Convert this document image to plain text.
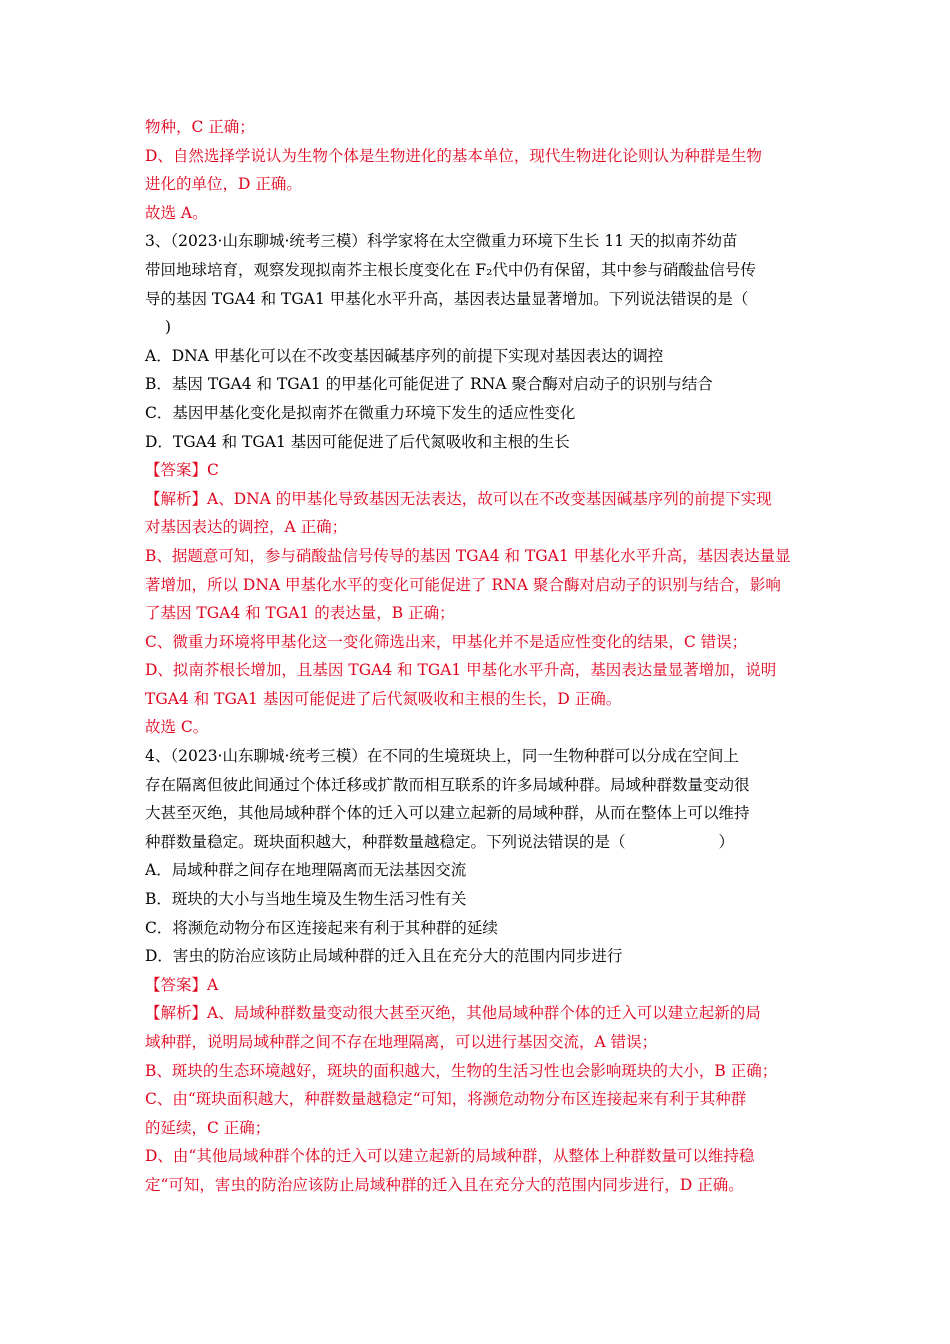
物种，C 正确；

D、自然选择学说认为生物个体是生物进化的基本单位，现代生物进化论则认为种群是生物

进化的单位，D 正确。

故选 A。

3、（2023·山东聊城·统考三模）科学家将在太空微重力环境下生长 11 天的拟南芥幼苗

带回地球培育，观察发现拟南芥主根长度变化在 F₂代中仍有保留，其中参与硝酸盐信号传

导的基因 TGA4 和 TGA1 甲基化水平升高，基因表达量显著增加。下列说法错误的是（

)

A．DNA 甲基化可以在不改变基因碱基序列的前提下实现对基因表达的调控

B．基因 TGA4 和 TGA1 的甲基化可能促进了 RNA 聚合酶对启动子的识别与结合

C．基因甲基化变化是拟南芥在微重力环境下发生的适应性变化

D．TGA4 和 TGA1 基因可能促进了后代氮吸收和主根的生长

【答案】C

【解析】A、DNA 的甲基化导致基因无法表达，故可以在不改变基因碱基序列的前提下实现

对基因表达的调控，A 正确；

B、据题意可知，参与硝酸盐信号传导的基因 TGA4 和 TGA1 甲基化水平升高，基因表达量显

著增加，所以 DNA 甲基化水平的变化可能促进了 RNA 聚合酶对启动子的识别与结合，影响

了基因 TGA4 和 TGA1 的表达量，B 正确；

C、微重力环境将甲基化这一变化筛选出来，甲基化并不是适应性变化的结果，C 错误；

D、拟南芥根长增加，且基因 TGA4 和 TGA1 甲基化水平升高，基因表达量显著增加，说明

TGA4 和 TGA1 基因可能促进了后代氮吸收和主根的生长，D 正确。

故选 C。

4、（2023·山东聊城·统考三模）在不同的生境斑块上，同一生物种群可以分成在空间上

存在隔离但彼此间通过个体迁移或扩散而相互联系的许多局域种群。局域种群数量变动很

大甚至灭绝，其他局域种群个体的迁入可以建立起新的局域种群，从而在整体上可以维持

种群数量稳定。斑块面积越大，种群数量越稳定。下列说法错误的是（　　　　　　）

A．局域种群之间存在地理隔离而无法基因交流

B．斑块的大小与当地生境及生物生活习性有关

C．将濒危动物分布区连接起来有利于其种群的延续

D．害虫的防治应该防止局域种群的迁入且在充分大的范围内同步进行

【答案】A

【解析】A、局域种群数量变动很大甚至灭绝，其他局域种群个体的迁入可以建立起新的局

域种群，说明局域种群之间不存在地理隔离，可以进行基因交流，A 错误；

B、斑块的生态环境越好，斑块的面积越大，生物的生活习性也会影响斑块的大小，B 正确；

C、由“斑块面积越大，种群数量越稳定“可知，将濒危动物分布区连接起来有利于其种群

的延续，C 正确；

D、由“其他局域种群个体的迁入可以建立起新的局域种群，从整体上种群数量可以维持稳

定“可知，害虫的防治应该防止局域种群的迁入且在充分大的范围内同步进行，D 正确。
